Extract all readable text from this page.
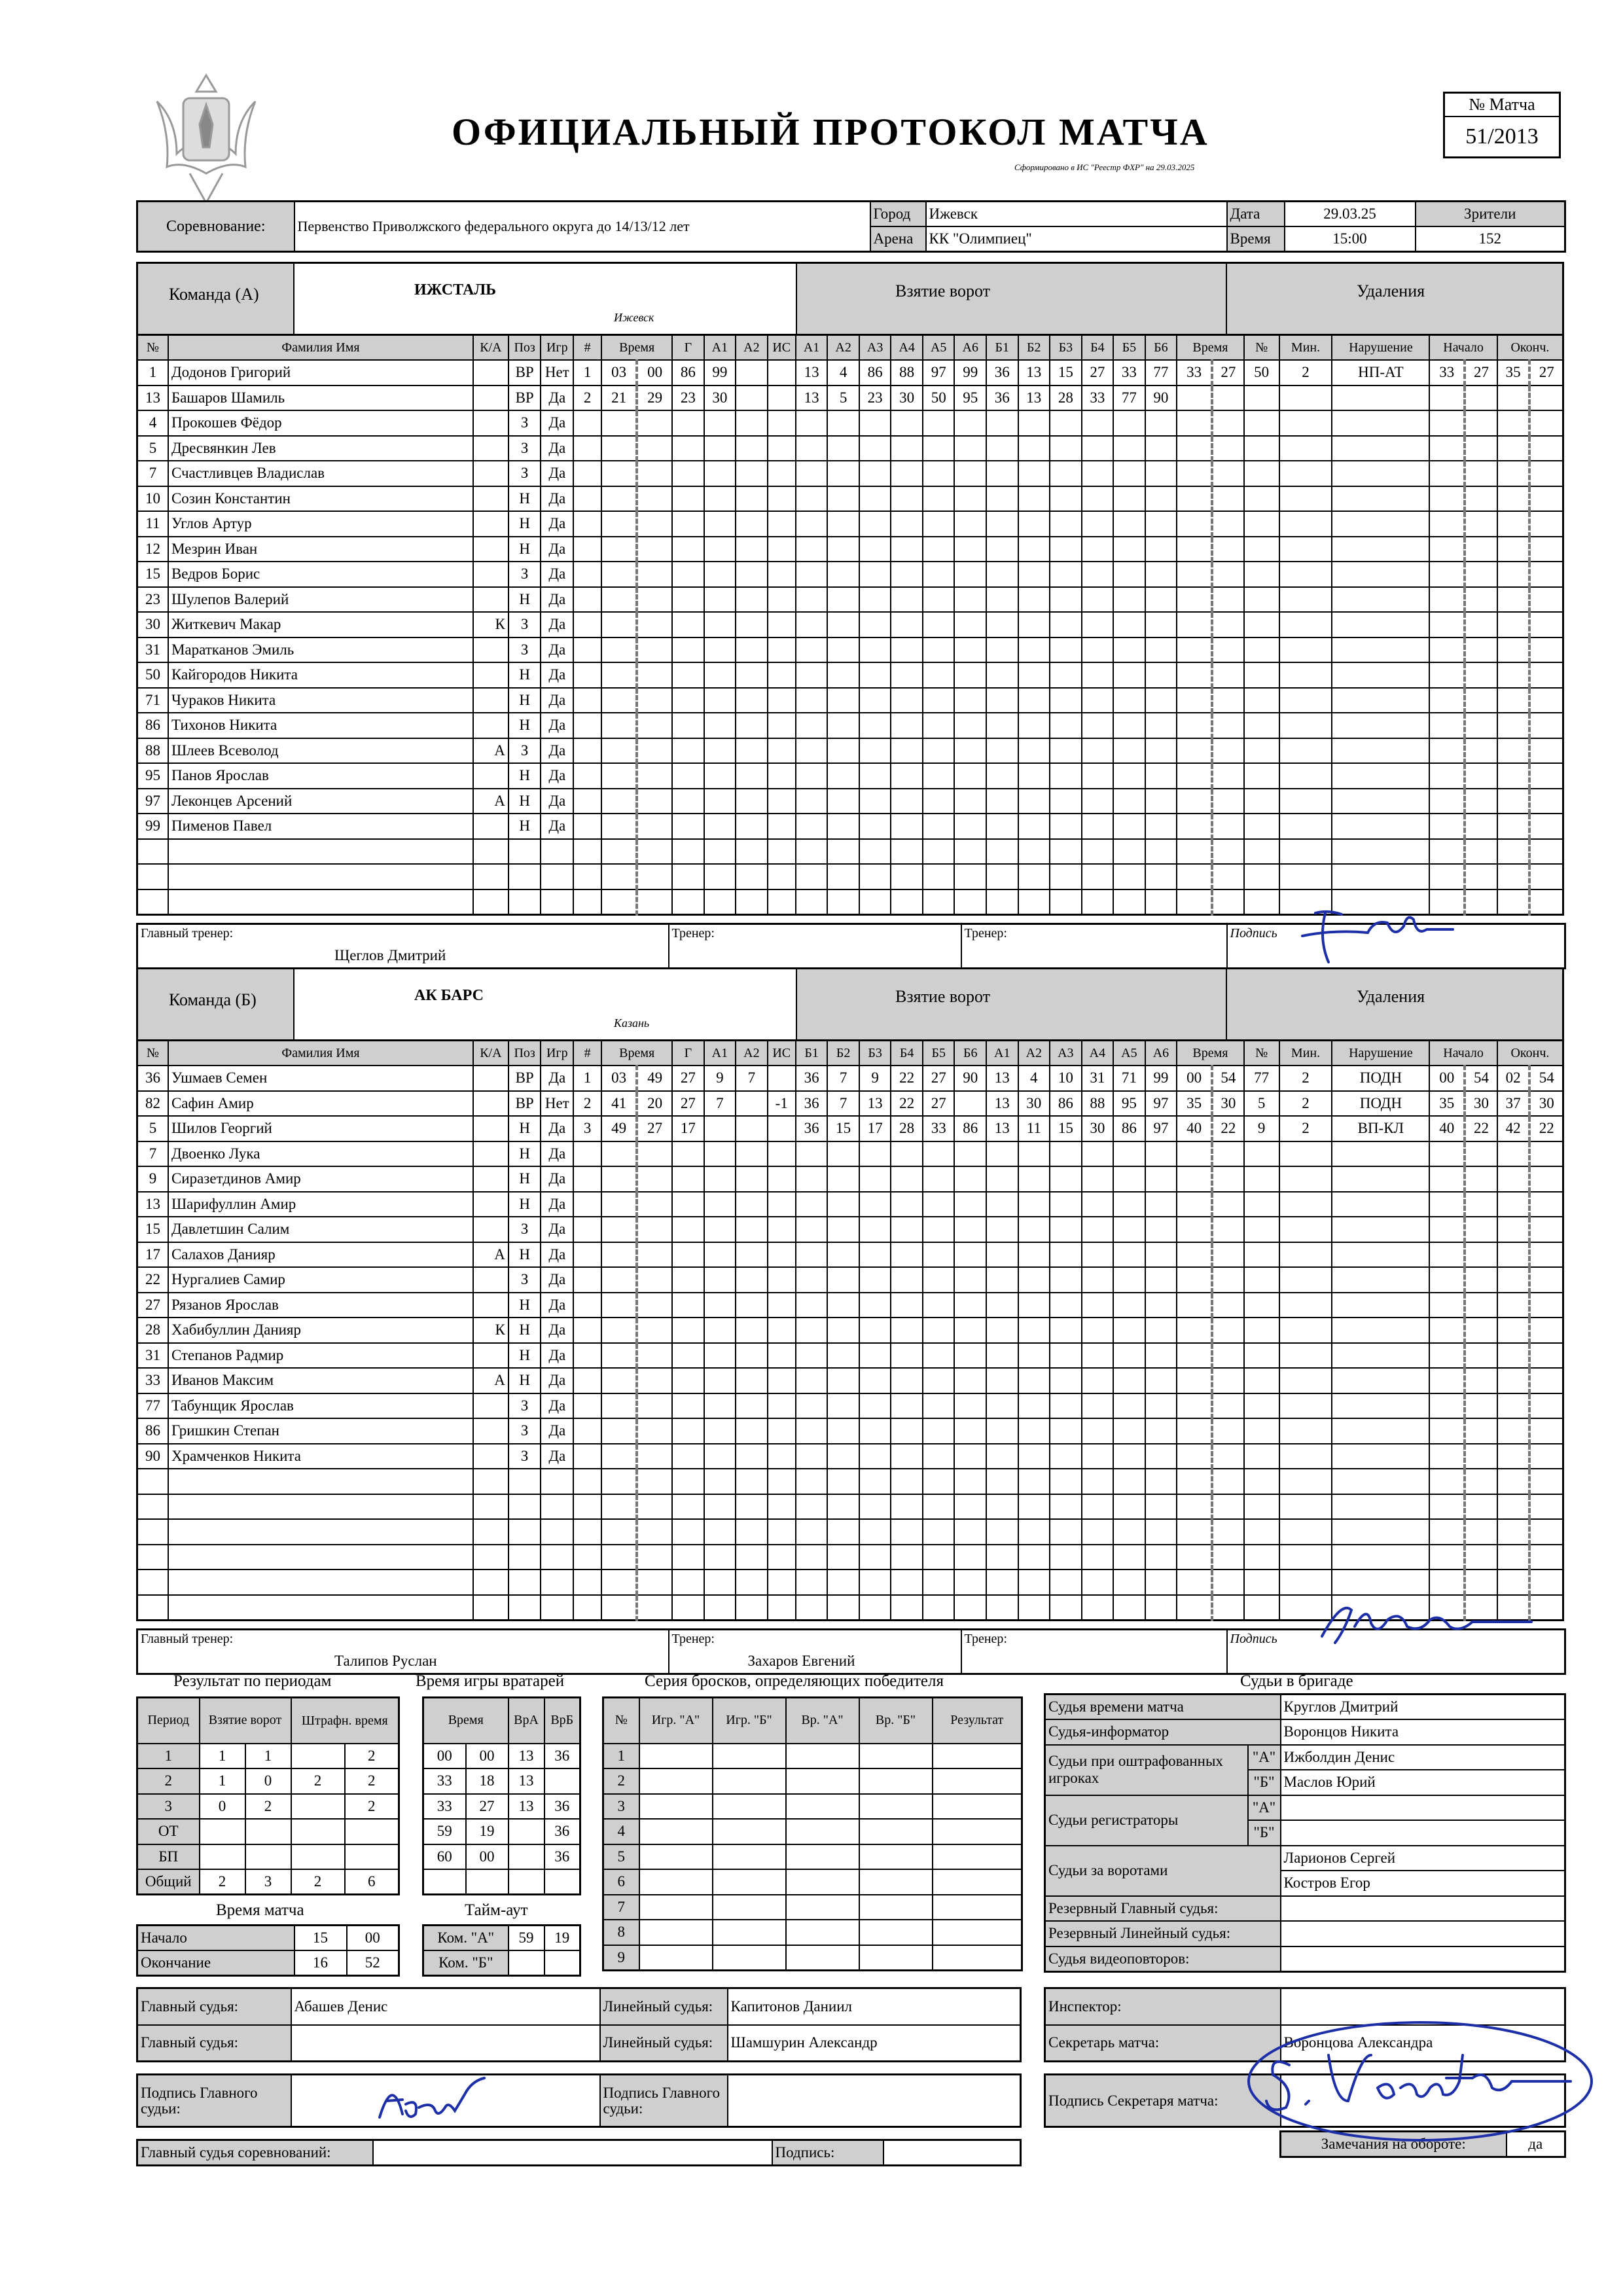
ОФИЦИАЛЬНЫЙ ПРОТОКОЛ МАТЧА
Сформировано в ИС "Реестр ФХР" на 29.03.2025
№ Матча
51/2013
Соревнование:	Первенство Приволжского федерального округа до 14/13/12 лет	Город	Ижевск	Дата	29.03.25	Зрители
		Арена	КК "Олимпиец"	Время	15:00	152
Команда (А)	ИЖСТАЛЬ
Ижевск
Взятие ворот	Удаления
№	Фамилия Имя	К/А	Поз	Игр	#	Время		Г	А1	А2	ИС	А1	А2	А3	А4	А5	А6	Б1	Б2	Б3	Б4	Б5	Б6	Время		№	Мин.	Нарушение	Начало		Оконч.	
1	Додонов Григорий		ВР	Нет	1	03	00	86	99			13	4	86	88	97	99	36	13	15	27	33	77	33	27	50	2	НП-АТ	33	27	35	27
13	Башаров Шамиль		ВР	Да	2	21	29	23	30			13	5	23	30	50	95	36	13	28	33	77	90									
4	Прокошев Фёдор		З	Да																												
5	Дресвянкин Лев		З	Да																												
7	Счастливцев Владислав		З	Да																												
10	Созин Константин		Н	Да																												
11	Углов Артур		Н	Да																												
12	Мезрин Иван		Н	Да																												
15	Ведров Борис		З	Да																												
23	Шулепов Валерий		Н	Да																												
30	Житкевич Макар	К	З	Да																												
31	Маратканов Эмиль		З	Да																												
50	Кайгородов Никита		Н	Да																												
71	Чураков Никита		Н	Да																												
86	Тихонов Никита		Н	Да																												
88	Шлеев Всеволод	А	З	Да																												
95	Панов Ярослав		Н	Да																												
97	Леконцев Арсений	А	Н	Да																												
99	Пименов Павел		Н	Да																												

Главный тренер:
Щеглов Дмитрий

Тренер:	Тренер:	Подпись
Команда (Б)	АК БАРС
Казань
Взятие ворот	Удаления
№	Фамилия Имя	К/А	Поз	Игр	#	Время		Г	А1	А2	ИС	Б1	Б2	Б3	Б4	Б5	Б6	А1	А2	А3	А4	А5	А6	Время		№	Мин.	Нарушение	Начало		Оконч.	
36	Ушмаев Семен		ВР	Да	1	03	49	27	9	7		36	7	9	22	27	90	13	4	10	31	71	99	00	54	77	2	ПОДН	00	54	02	54
82	Сафин Амир		ВР	Нет	2	41	20	27	7		-1	36	7	13	22	27		13	30	86	88	95	97	35	30	5	2	ПОДН	35	30	37	30
5	Шилов Георгий		Н	Да	3	49	27	17				36	15	17	28	33	86	13	11	15	30	86	97	40	22	9	2	ВП-КЛ	40	22	42	22
7	Двоенко Лука		Н	Да																												
9	Сиразетдинов Амир		Н	Да																												
13	Шарифуллин Амир		Н	Да																												
15	Давлетшин Салим		З	Да																												
17	Салахов Данияр	А	Н	Да																												
22	Нургалиев Самир		З	Да																												
27	Рязанов Ярослав		Н	Да																												
28	Хабибуллин Данияр	К	Н	Да																												
31	Степанов Радмир		Н	Да																												
33	Иванов Максим	А	Н	Да																												
77	Табунщик Ярослав		З	Да																												
86	Гришкин Степан		З	Да																												
90	Храмченков Никита		З	Да																												

Главный тренер:
Талипов Руслан

Тренер:
Захаров Евгений

Тренер:	Подпись
Результат по периодам
Период	Взятие ворот		Штрафн. время	
1	1	1		2
2	1	0	2	2
3	0	2		2
ОТ				
БП				
Общий	2	3	2	6
Время игры вратарей
Время		ВрА	ВрБ
00	00	13	36
33	18	13	
33	27	13	36
59	19		36
60	00		36

Серия бросков, определяющих победителя
№	Игр. "А"	Игр. "Б"	Вр. "А"	Вр. "Б"	Результат
1					
2					
3					
4					
5					
6					
7					
8					
9					
Время матча
Начало	15	00
Окончание	16	52
Тайм-аут
Ком. "А"	59	19
Ком. "Б"		
Судьи в бригаде
Судья времени матча		Круглов Дмитрий
Судья-информатор		Воронцов Никита
Судьи при оштрафованных игроках	"А"	Ижболдин Денис
	"Б"	Маслов Юрий
Судьи регистраторы	"А"	
	"Б"	
Судьи за воротами		Ларионов Сергей
		Костров Егор
Резервный Главный судья:		
Резервный Линейный судья:		
Судья видеоповторов:		
Главный судья:	Абашев Денис	Линейный судья:	Капитонов Даниил
Главный судья:		Линейный судья:	Шамшурин Александр
Инспектор:	
Секретарь матча:	Воронцова Александра
Подпись Главного судьи:		Подпись Главного судьи:		Подпись Секретаря матча:	
Главный судья соревнований:		Подпись:	
Замечания на обороте:	да
